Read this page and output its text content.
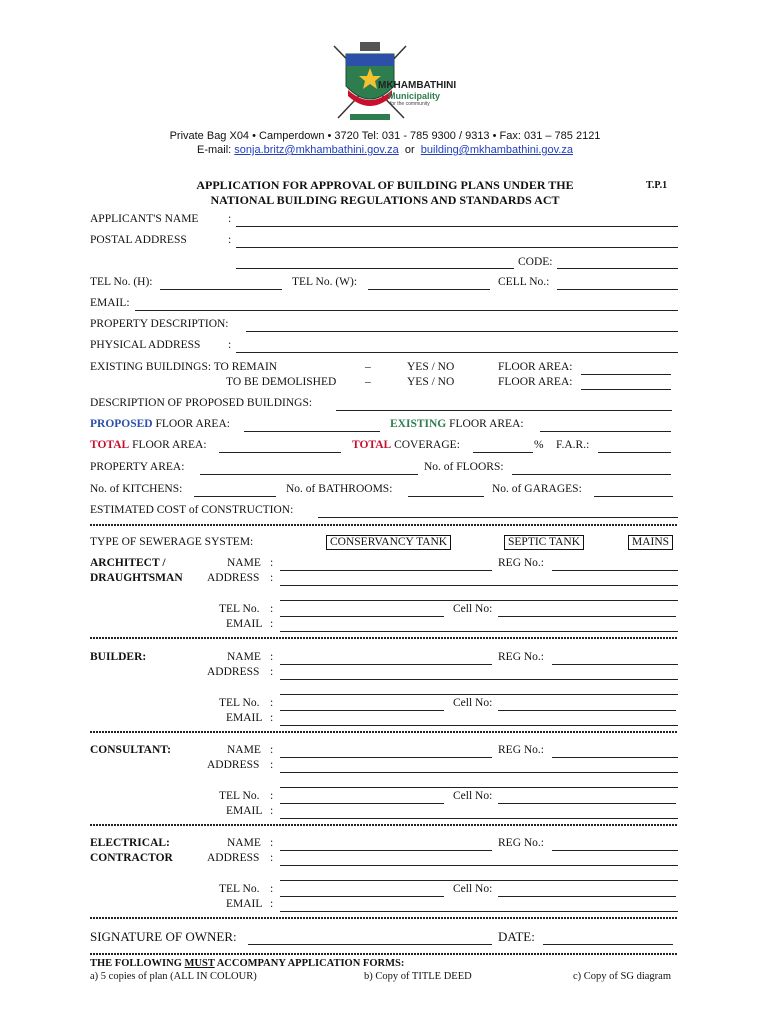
MKHAMBATHINI
Municipality
for the community
Private Bag X04 • Camperdown • 3720 Tel: 031 - 785 9300 / 9313 • Fax: 031 – 785 2121
E-mail: sonja.britz@mkhambathini.gov.za or building@mkhambathini.gov.za
APPLICATION FOR APPROVAL OF BUILDING PLANS UNDER THE
NATIONAL BUILDING REGULATIONS AND STANDARDS ACT
T.P.1
APPLICANT'S NAME	:
POSTAL ADDRESS	:
CODE:
TEL No. (H):	TEL No. (W):	CELL No.:
EMAIL:
PROPERTY DESCRIPTION:
PHYSICAL ADDRESS :
EXISTING BUILDINGS: TO REMAIN	–	YES / NO	FLOOR AREA:
TO BE DEMOLISHED –	YES / NO	FLOOR AREA:
DESCRIPTION OF PROPOSED BUILDINGS:
PROPOSED FLOOR AREA:	EXISTING FLOOR AREA:
TOTAL FLOOR AREA:	TOTAL COVERAGE:	% F.A.R.:
PROPERTY AREA:	No. of FLOORS:
No. of KITCHENS:	No. of BATHROOMS:	No. of GARAGES:
ESTIMATED COST of CONSTRUCTION:
TYPE OF SEWERAGE SYSTEM:	CONSERVANCY TANK	SEPTIC TANK	MAINS
ARCHITECT /
DRAUGHTSMAN
NAME :	REG No.:
ADDRESS :
TEL No. :	Cell No:
EMAIL :
BUILDER:	NAME :	REG No.:
ADDRESS :
TEL No. :	Cell No:
EMAIL :
CONSULTANT:	NAME :	REG No.:
ADDRESS :
TEL No. :	Cell No:
EMAIL :
ELECTRICAL:
CONTRACTOR
NAME :	REG No.:
ADDRESS :
TEL No. :	Cell No:
EMAIL :
SIGNATURE OF OWNER:	DATE:
THE FOLLOWING MUST ACCOMPANY APPLICATION FORMS:
a) 5 copies of plan (ALL IN COLOUR)	b) Copy of TITLE DEED	c) Copy of SG diagram
